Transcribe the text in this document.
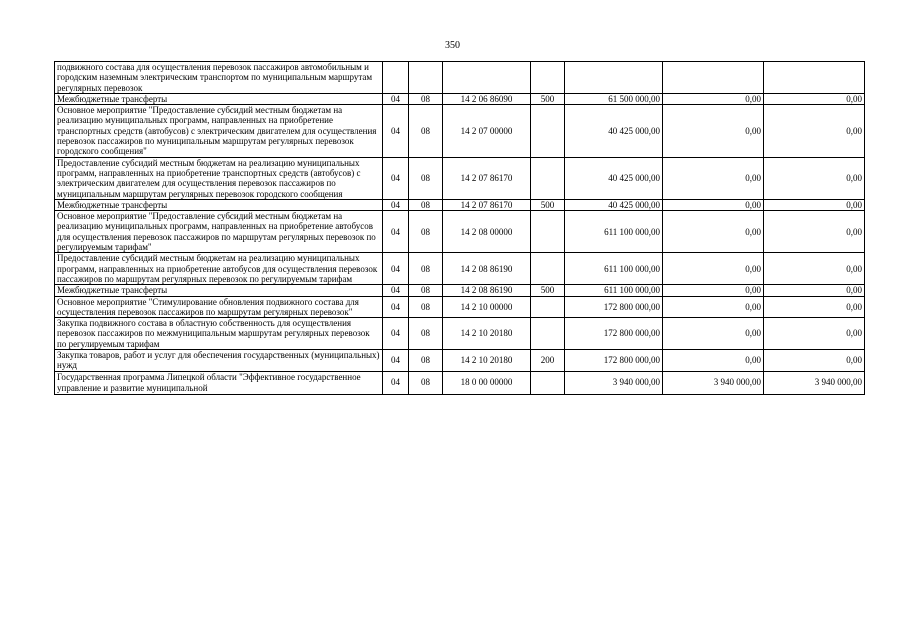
350
подвижного состава для осуществления перевозок пассажиров автомобильным и городским наземным электрическим транспортом по муниципальным маршрутам регулярных перевозок							
Межбюджетные трансферты	04	08	14 2 06 86090	500	61 500 000,00	0,00	0,00
Основное мероприятие "Предоставление субсидий местным бюджетам на реализацию муниципальных программ, направленных на приобретение транспортных средств (автобусов) с электрическим двигателем для осуществления перевозок пассажиров по муниципальным маршрутам регулярных перевозок городского сообщения"	04	08	14 2 07 00000		40 425 000,00	0,00	0,00
Предоставление субсидий местным бюджетам на реализацию муниципальных программ, направленных на приобретение транспортных средств (автобусов) с электрическим двигателем для осуществления перевозок пассажиров по муниципальным маршрутам регулярных перевозок городского сообщения	04	08	14 2 07 86170		40 425 000,00	0,00	0,00
Межбюджетные трансферты	04	08	14 2 07 86170	500	40 425 000,00	0,00	0,00
Основное мероприятие "Предоставление субсидий местным бюджетам на реализацию муниципальных программ, направленных на приобретение автобусов для осуществления перевозок пассажиров по маршрутам регулярных перевозок по регулируемым тарифам"	04	08	14 2 08 00000		611 100 000,00	0,00	0,00
Предоставление субсидий местным бюджетам на реализацию муниципальных программ, направленных на приобретение автобусов для осуществления перевозок пассажиров по маршрутам регулярных перевозок по регулируемым тарифам	04	08	14 2 08 86190		611 100 000,00	0,00	0,00
Межбюджетные трансферты	04	08	14 2 08 86190	500	611 100 000,00	0,00	0,00
Основное мероприятие "Стимулирование обновления подвижного состава для осуществления перевозок пассажиров по маршрутам регулярных перевозок"	04	08	14 2 10 00000		172 800 000,00	0,00	0,00
Закупка подвижного состава в областную собственность для осуществления перевозок пассажиров по межмуниципальным маршрутам регулярных перевозок по регулируемым тарифам	04	08	14 2 10 20180		172 800 000,00	0,00	0,00
Закупка товаров, работ и услуг для обеспечения государственных (муниципальных) нужд	04	08	14 2 10 20180	200	172 800 000,00	0,00	0,00
Государственная программа Липецкой области "Эффективное государственное управление и развитие муниципальной	04	08	18 0 00 00000		3 940 000,00	3 940 000,00	3 940 000,00
